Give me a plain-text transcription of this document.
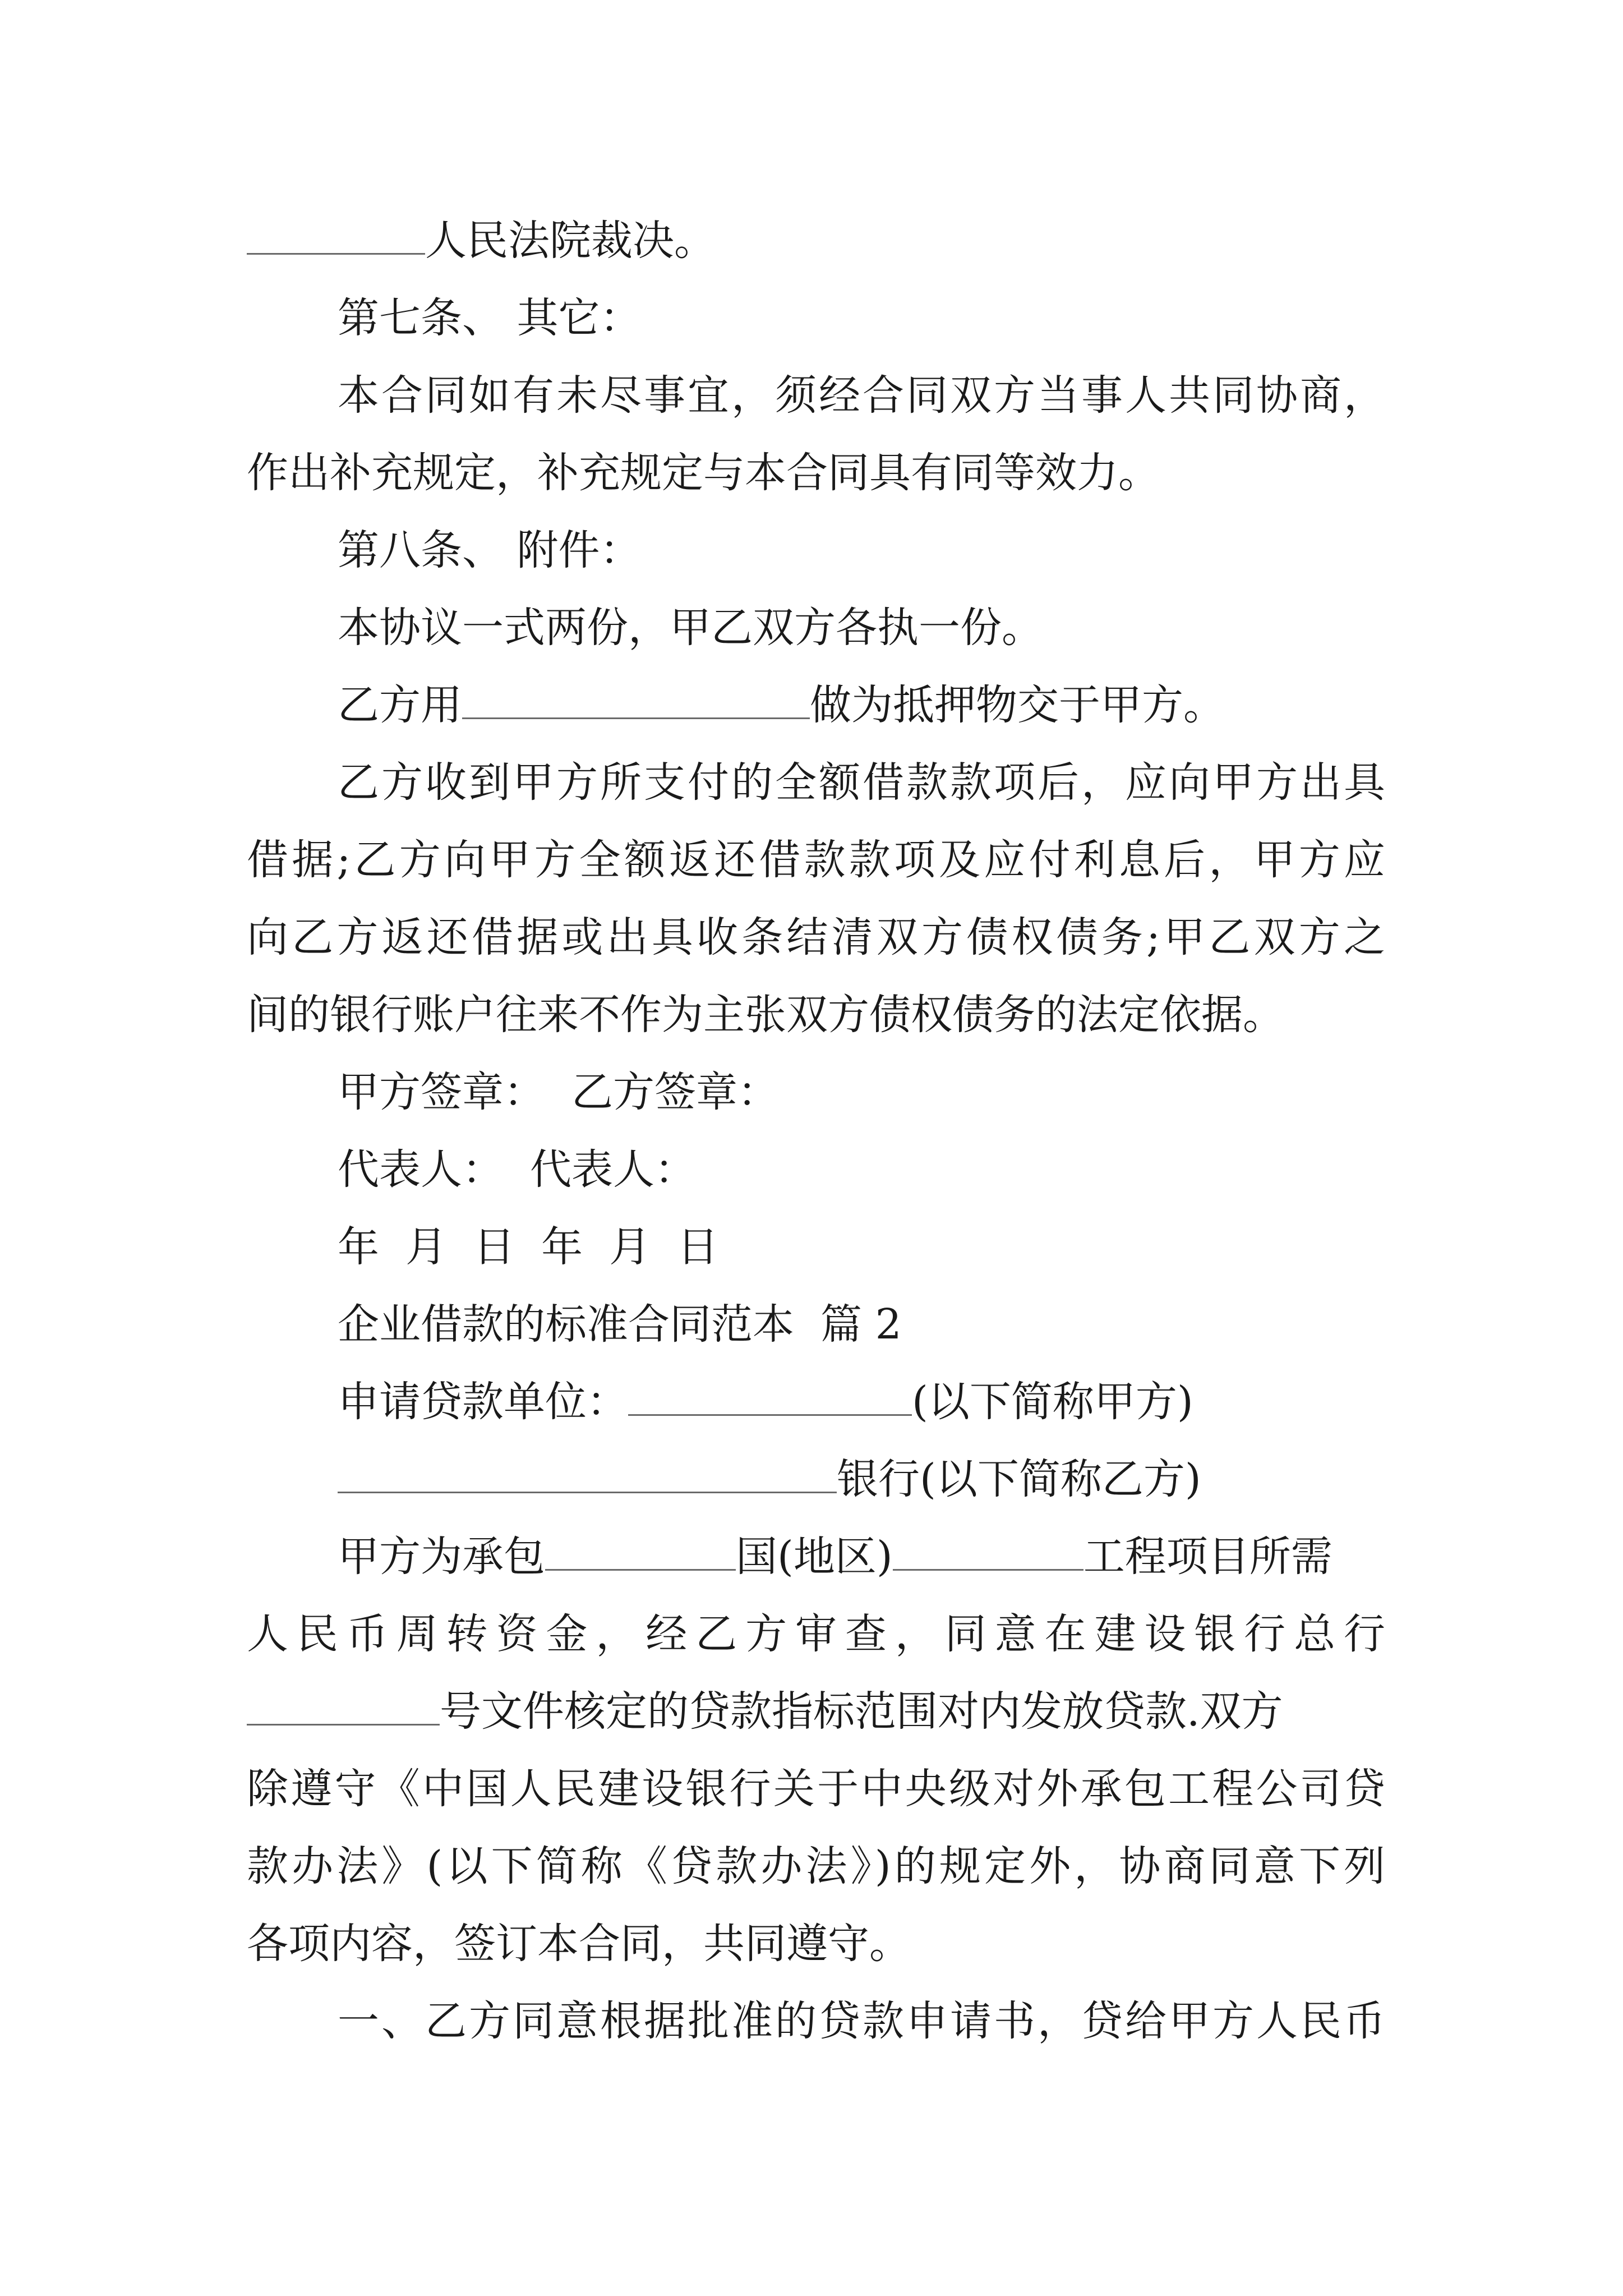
人民法院裁决。
第七条、 其它：
本合同如有未尽事宜，须经合同双方当事人共同协商，
作出补充规定，补充规定与本合同具有同等效力。
第八条、 附件：
本协议一式两份，甲乙双方各执一份。
乙方用	做为抵押物交于甲方。
乙方收到甲方所支付的全额借款款项后，应向甲方出具
借据;乙方向甲方全额返还借款款项及应付利息后，甲方应
向乙方返还借据或出具收条结清双方债权债务;甲乙双方之
间的银行账户往来不作为主张双方债权债务的法定依据。
甲方签章：  乙方签章：
代表人：  代表人：
年  月  日  年  月  日
企业借款的标准合同范本  篇 2
申请贷款单位：	(以下简称甲方)
银行(以下简称乙方)
甲方为承包	国(地区)	工程项目所需
人民币周转资金，经乙方审查，同意在建设银行总行
号文件核定的贷款指标范围对内发放贷款.双方
除遵守《中国人民建设银行关于中央级对外承包工程公司贷
款办法》(以下简称《贷款办法》)的规定外，协商同意下列
各项内容，签订本合同，共同遵守。
一、乙方同意根据批准的贷款申请书，贷给甲方人民币
